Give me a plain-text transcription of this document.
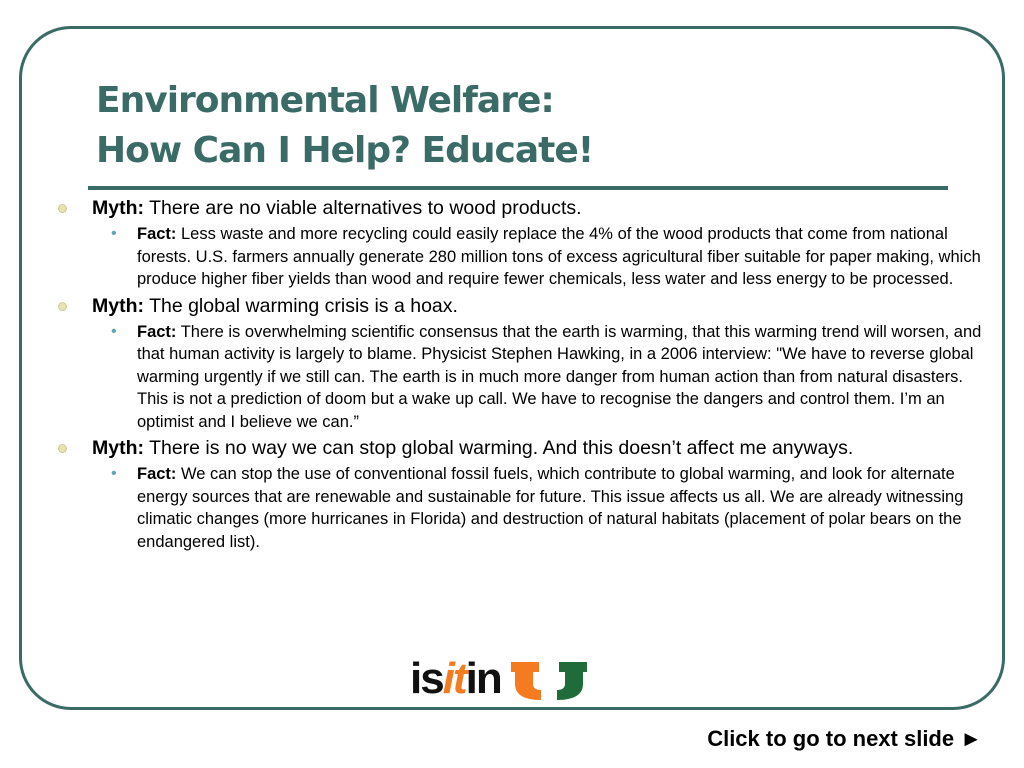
Environmental Welfare:
How Can I Help? Educate!
Myth: There are no viable alternatives to wood products.
• Fact: Less waste and more recycling could easily replace the 4% of the wood products that come from national forests. U.S. farmers annually generate 280 million tons of excess agricultural fiber suitable for paper making, which produce higher fiber yields than wood and require fewer chemicals, less water and less energy to be processed.
Myth: The global warming crisis is a hoax.
• Fact: There is overwhelming scientific consensus that the earth is warming, that this warming trend will worsen, and that human activity is largely to blame. Physicist Stephen Hawking, in a 2006 interview: "We have to reverse global warming urgently if we still can. The earth is in much more danger from human action than from natural disasters. This is not a prediction of doom but a wake up call. We have to recognise the dangers and control them. I’m an optimist and I believe we can.”
Myth: There is no way we can stop global warming. And this doesn’t affect me anyways.
• Fact: We can stop the use of conventional fossil fuels, which contribute to global warming, and look for alternate energy sources that are renewable and sustainable for future. This issue affects us all. We are already witnessing climatic changes (more hurricanes in Florida) and destruction of natural habitats (placement of polar bears on the endangered list).
isitin
Click to go to next slide ►
